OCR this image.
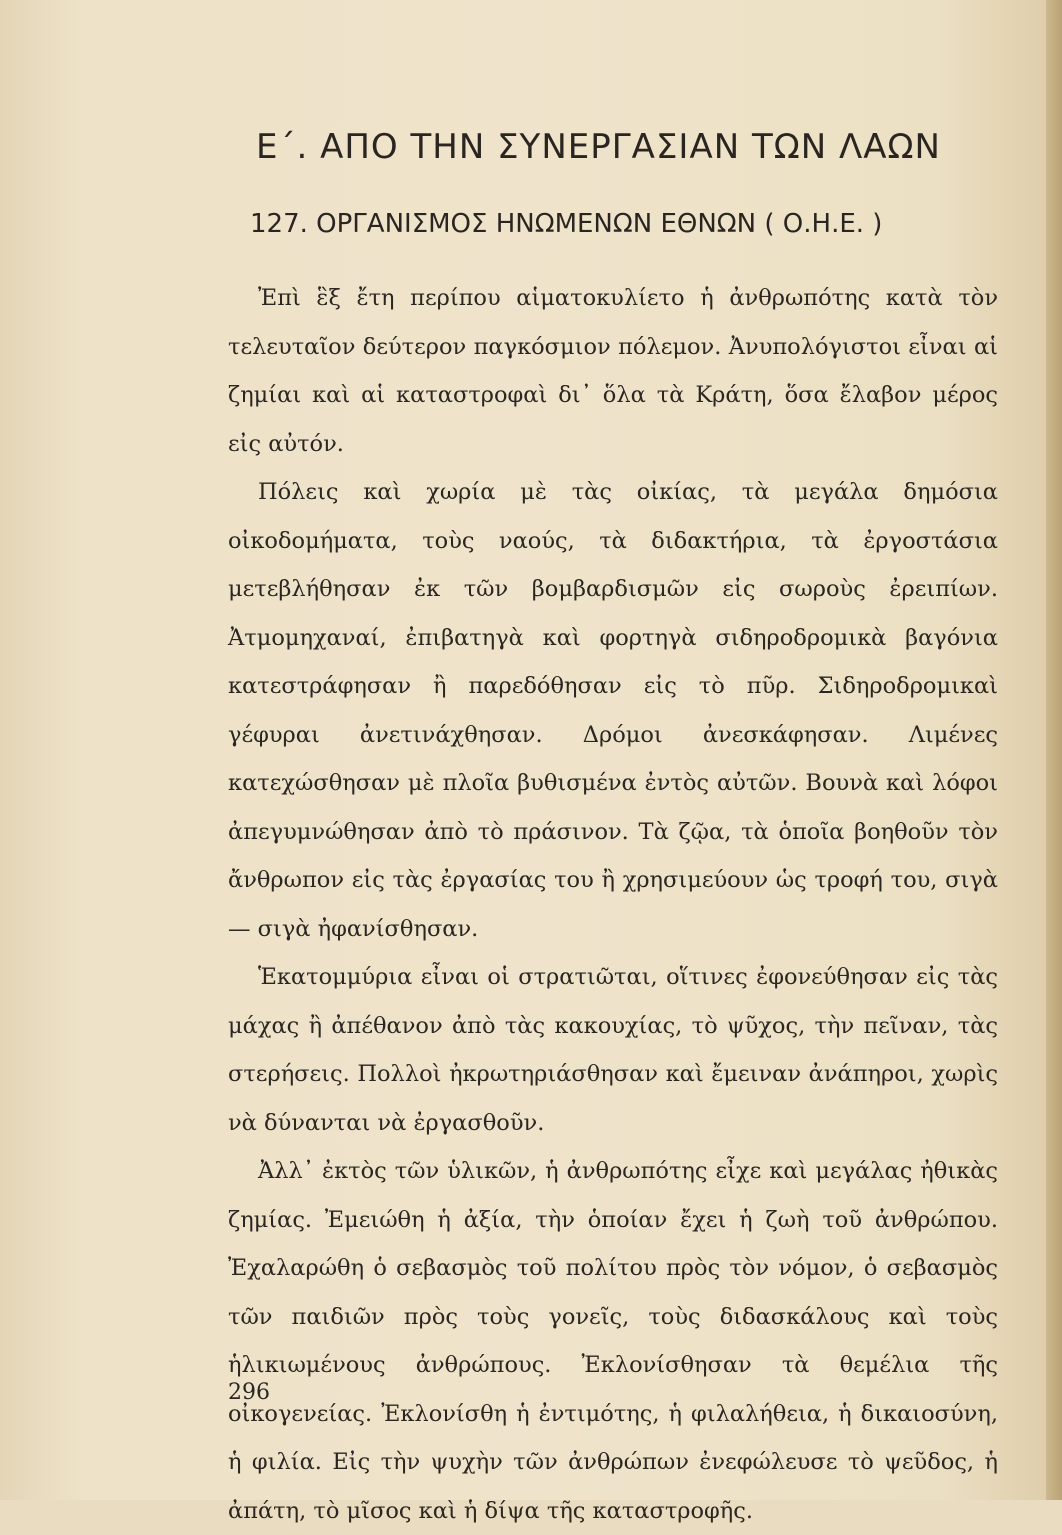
Ε΄. ΑΠΟ ΤΗΝ ΣΥΝΕΡΓΑΣΙΑΝ ΤΩΝ ΛΑΩΝ
127. ΟΡΓΑΝΙΣΜΟΣ ΗΝΩΜΕΝΩΝ ΕΘΝΩΝ ( Ο.Η.Ε. )

Ἐπὶ ἓξ ἔτη περίπου αἱματοκυλίετο ἡ ἀνθρωπότης κατὰ τὸν τελευταῖον δεύτερον παγκόσμιον πόλεμον. Ἀνυπολόγιστοι εἶναι αἱ ζημίαι καὶ αἱ καταστροφαὶ δι᾽ ὅλα τὰ Κράτη, ὅσα ἔλαβον μέρος εἰς αὐτόν.

Πόλεις καὶ χωρία μὲ τὰς οἰκίας, τὰ μεγάλα δημόσια οἰκοδομήματα, τοὺς ναούς, τὰ διδακτήρια, τὰ ἐργοστάσια μετεβλήθησαν ἐκ τῶν βομβαρδισμῶν εἰς σωροὺς ἐρειπίων. Ἀτμομηχαναί, ἐπιβατηγὰ καὶ φορτηγὰ σιδηροδρομικὰ βαγόνια κατεστράφησαν ἢ παρεδόθησαν εἰς τὸ πῦρ. Σιδηροδρομικαὶ γέφυραι ἀνετινάχθησαν. Δρόμοι ἀνεσκάφησαν. Λιμένες κατεχώσθησαν μὲ πλοῖα βυθισμένα ἐντὸς αὐτῶν. Βουνὰ καὶ λόφοι ἀπεγυμνώθησαν ἀπὸ τὸ πράσινον. Τὰ ζῷα, τὰ ὁποῖα βοηθοῦν τὸν ἄνθρωπον εἰς τὰς ἐργασίας του ἢ χρησιμεύουν ὡς τροφή του, σιγὰ — σιγὰ ἠφανίσθησαν.

Ἑκατομμύρια εἶναι οἱ στρατιῶται, οἵτινες ἐφονεύθησαν εἰς τὰς μάχας ἢ ἀπέθανον ἀπὸ τὰς κακουχίας, τὸ ψῦχος, τὴν πεῖναν, τὰς στερήσεις. Πολλοὶ ἠκρωτηριάσθησαν καὶ ἔμειναν ἀνάπηροι, χωρὶς νὰ δύνανται νὰ ἐργασθοῦν.

Ἀλλ᾽ ἐκτὸς τῶν ὑλικῶν, ἡ ἀνθρωπότης εἶχε καὶ μεγάλας ἠθικὰς ζημίας. Ἐμειώθη ἡ ἀξία, τὴν ὁποίαν ἔχει ἡ ζωὴ τοῦ ἀνθρώπου. Ἐχαλαρώθη ὁ σεβασμὸς τοῦ πολίτου πρὸς τὸν νόμον, ὁ σεβασμὸς τῶν παιδιῶν πρὸς τοὺς γονεῖς, τοὺς διδασκάλους καὶ τοὺς ἡλικιωμένους ἀνθρώπους. Ἐκλονίσθησαν τὰ θεμέλια τῆς οἰκογενείας. Ἐκλονίσθη ἡ ἐντιμότης, ἡ φιλαλήθεια, ἡ δικαιοσύνη, ἡ φιλία. Εἰς τὴν ψυχὴν τῶν ἀνθρώπων ἐνεφώλευσε τὸ ψεῦδος, ἡ ἀπάτη, τὸ μῖσος καὶ ἡ δίψα τῆς καταστροφῆς.

296
